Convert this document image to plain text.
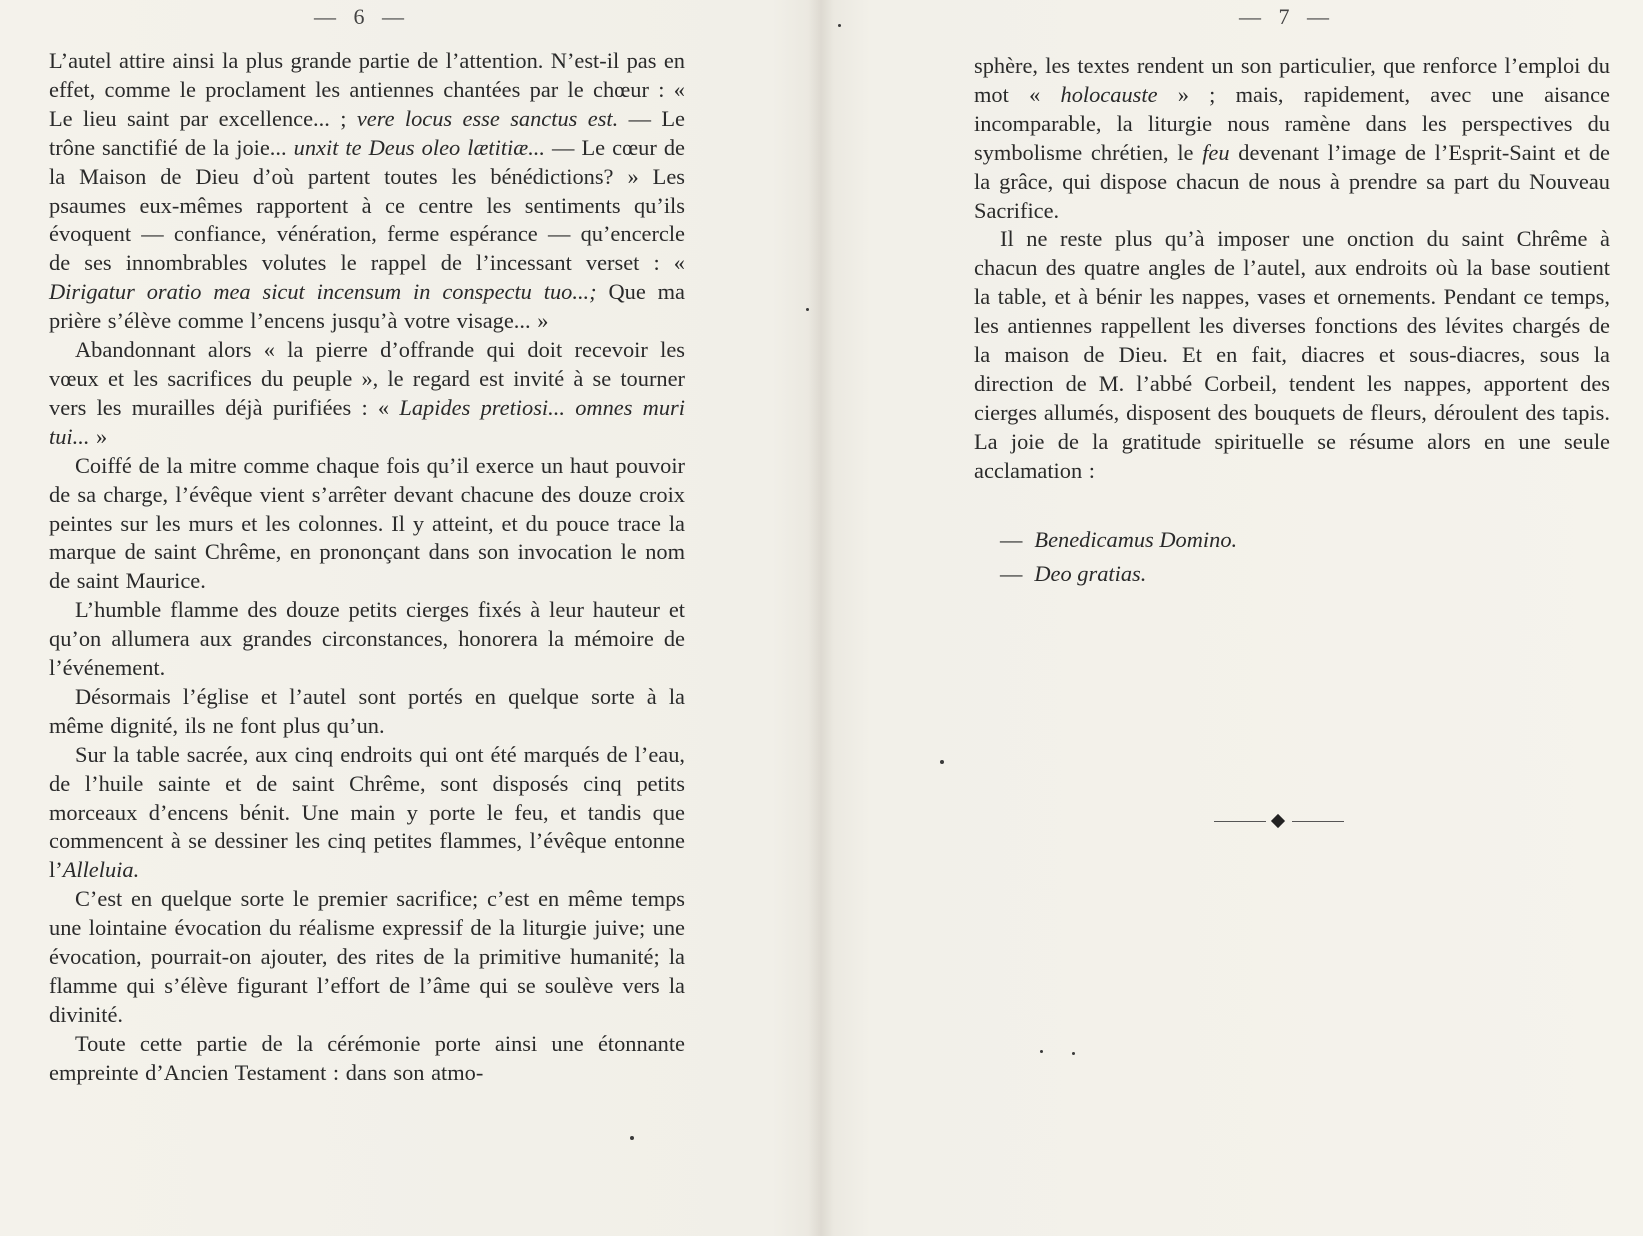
— 6 —

L’autel attire ainsi la plus grande partie de l’attention. N’est-il pas en effet, comme le proclament les antiennes chantées par le chœur : « Le lieu saint par excellence... ; vere locus esse sanctus est. — Le trône sanctifié de la joie... unxit te Deus oleo lætitiæ... — Le cœur de la Maison de Dieu d’où partent toutes les bénédictions? » Les psaumes eux-mêmes rapportent à ce centre les sentiments qu’ils évoquent — confiance, vénération, ferme espérance — qu’encercle de ses innombrables volutes le rappel de l’incessant verset : « Dirigatur oratio mea sicut incensum in conspectu tuo...; Que ma prière s’élève comme l’encens jusqu’à votre visage... »

Abandonnant alors « la pierre d’offrande qui doit recevoir les vœux et les sacrifices du peuple », le regard est invité à se tourner vers les murailles déjà purifiées : « Lapides pretiosi... omnes muri tui... »

Coiffé de la mitre comme chaque fois qu’il exerce un haut pouvoir de sa charge, l’évêque vient s’arrêter devant chacune des douze croix peintes sur les murs et les colonnes. Il y atteint, et du pouce trace la marque de saint Chrême, en prononçant dans son invocation le nom de saint Maurice.

L’humble flamme des douze petits cierges fixés à leur hauteur et qu’on allumera aux grandes circonstances, honorera la mémoire de l’événement.

Désormais l’église et l’autel sont portés en quelque sorte à la même dignité, ils ne font plus qu’un.

Sur la table sacrée, aux cinq endroits qui ont été marqués de l’eau, de l’huile sainte et de saint Chrême, sont disposés cinq petits morceaux d’encens bénit. Une main y porte le feu, et tandis que commencent à se dessiner les cinq petites flammes, l’évêque entonne l’Alleluia.

C’est en quelque sorte le premier sacrifice; c’est en même temps une lointaine évocation du réalisme expressif de la liturgie juive; une évocation, pourrait-on ajouter, des rites de la primitive humanité; la flamme qui s’élève figurant l’effort de l’âme qui se soulève vers la divinité.

Toute cette partie de la cérémonie porte ainsi une étonnante empreinte d’Ancien Testament : dans son atmo-

— 7 —

sphère, les textes rendent un son particulier, que renforce l’emploi du mot « holocauste » ; mais, rapidement, avec une aisance incomparable, la liturgie nous ramène dans les perspectives du symbolisme chrétien, le feu devenant l’image de l’Esprit-Saint et de la grâce, qui dispose chacun de nous à prendre sa part du Nouveau Sacrifice.

Il ne reste plus qu’à imposer une onction du saint Chrême à chacun des quatre angles de l’autel, aux endroits où la base soutient la table, et à bénir les nappes, vases et ornements. Pendant ce temps, les antiennes rappellent les diverses fonctions des lévites chargés de la maison de Dieu. Et en fait, diacres et sous-diacres, sous la direction de M. l’abbé Corbeil, tendent les nappes, apportent des cierges allumés, disposent des bouquets de fleurs, déroulent des tapis. La joie de la gratitude spirituelle se résume alors en une seule acclamation :

— Benedicamus Domino.
— Deo gratias.
